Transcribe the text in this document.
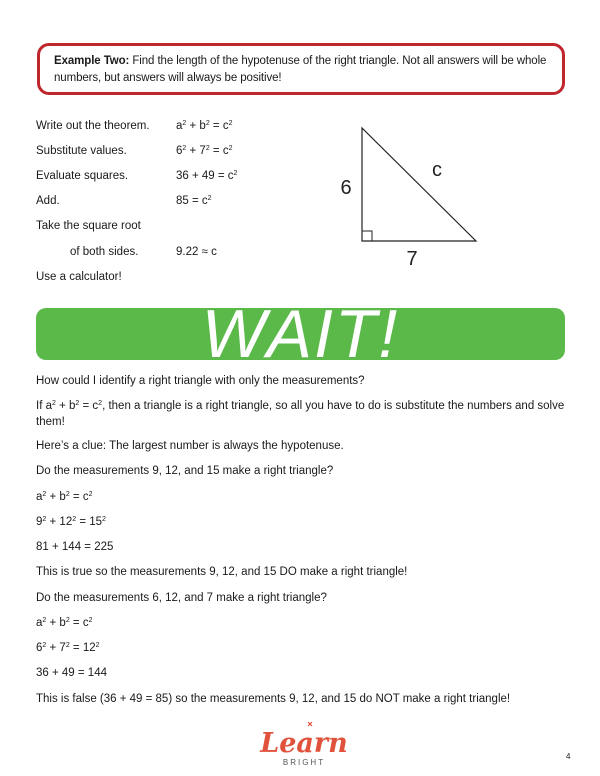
Example Two: Find the length of the hypotenuse of the right triangle. Not all answers will be whole numbers, but answers will always be positive!
Write out the theorem. $a^2 + b^2 = c^2$
Substitute values.	$6^2 + 7^2 = c^2$
Evaluate squares.	$36 + 49 = c^2$
Add.	$85 = c^2$
Take the square root
of both sides.	9.22 ≈ c
Use a calculator!
6
7
c
WAIT!
How could I identify a right triangle with only the measurements?
If $a^2 + b^2 = c^2$, then a triangle is a right triangle, so all you have to do is substitute the numbers and solve them!
Here’s a clue: The largest number is always the hypotenuse.
Do the measurements 9, 12, and 15 make a right triangle?
$a^2 + b^2 = c^2$
$9^2 + 12^2 = 15^2$
81 + 144 = 225
This is true so the measurements 9, 12, and 15 DO make a right triangle!
Do the measurements 6, 12, and 7 make a right triangle?
$a^2 + b^2 = c^2$
$6^2 + 7^2 = 12^2$
36 + 49 = 144
This is false (36 + 49 = 85) so the measurements 9, 12, and 15 do NOT make a right triangle!
Learn
BRIGHT
4
